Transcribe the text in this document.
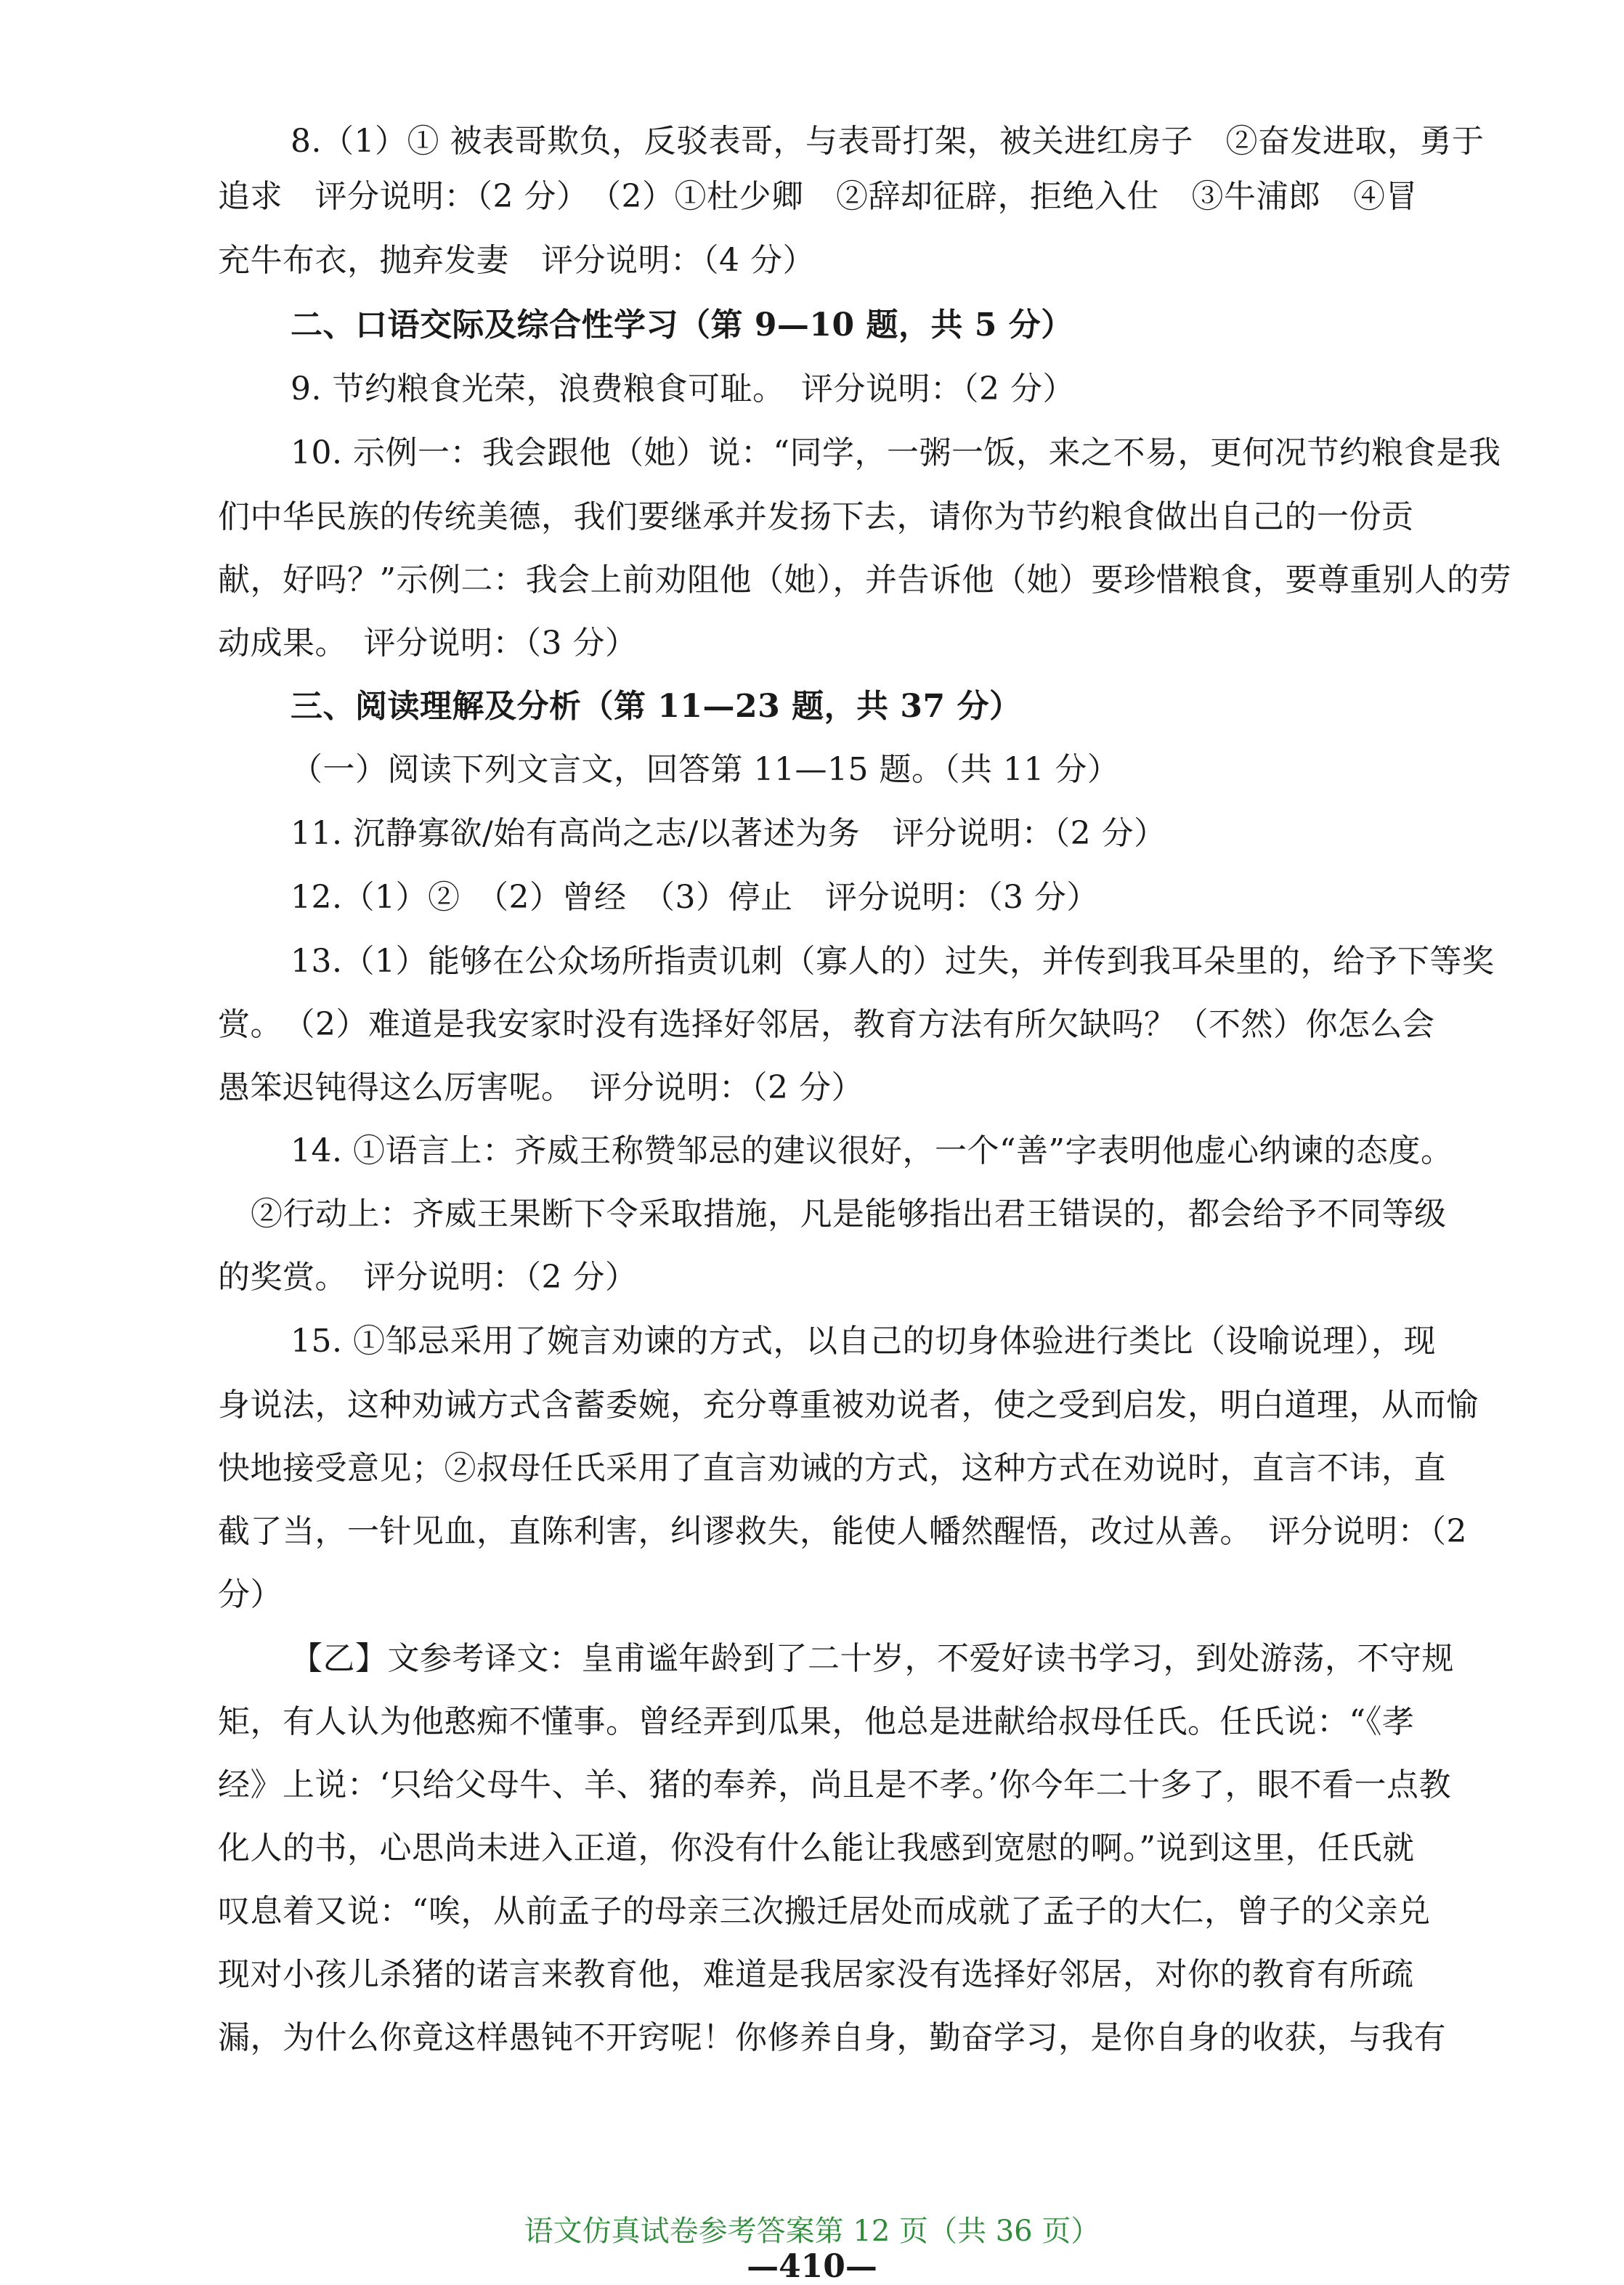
8.（1）① 被表哥欺负，反驳表哥，与表哥打架，被关进红房子　②奋发进取，勇于
追求　评分说明：（2 分）　（2）①杜少卿　②辞却征辟，拒绝入仕　③牛浦郎　④冒
充牛布衣，抛弃发妻　评分说明：（4 分）
二、口语交际及综合性学习（第 9—10 题，共 5 分）
9. 节约粮食光荣，浪费粮食可耻。　评分说明：（2 分）
10. 示例一：我会跟他（她）说：“同学，一粥一饭，来之不易，更何况节约粮食是我
们中华民族的传统美德，我们要继承并发扬下去，请你为节约粮食做出自己的一份贡
献，好吗？”示例二：我会上前劝阻他（她），并告诉他（她）要珍惜粮食，要尊重别人的劳
动成果。　评分说明：（3 分）
三、阅读理解及分析（第 11—23 题，共 37 分）
（一）阅读下列文言文，回答第 11—15 题。（共 11 分）
11. 沉静寡欲/始有高尚之志/以著述为务　评分说明：（2 分）
12.（1）②　（2）曾经　（3）停止　评分说明：（3 分）
13.（1）能够在公众场所指责讥刺（寡人的）过失，并传到我耳朵里的，给予下等奖
赏。　（2）难道是我安家时没有选择好邻居，教育方法有所欠缺吗？（不然）你怎么会
愚笨迟钝得这么厉害呢。　评分说明：（2 分）
14. ①语言上：齐威王称赞邹忌的建议很好，一个“善”字表明他虚心纳谏的态度。
②行动上：齐威王果断下令采取措施，凡是能够指出君王错误的，都会给予不同等级
的奖赏。　评分说明：（2 分）
15. ①邹忌采用了婉言劝谏的方式，以自己的切身体验进行类比（设喻说理），现
身说法，这种劝诫方式含蓄委婉，充分尊重被劝说者，使之受到启发，明白道理，从而愉
快地接受意见；②叔母任氏采用了直言劝诫的方式，这种方式在劝说时，直言不讳，直
截了当，一针见血，直陈利害，纠谬救失，能使人幡然醒悟，改过从善。　评分说明：（2
分）
【乙】文参考译文：皇甫谧年龄到了二十岁，不爱好读书学习，到处游荡，不守规
矩，有人认为他憨痴不懂事。曾经弄到瓜果，他总是进献给叔母任氏。任氏说：“《孝
经》上说：‘只给父母牛、羊、猪的奉养，尚且是不孝。’你今年二十多了，眼不看一点教
化人的书，心思尚未进入正道，你没有什么能让我感到宽慰的啊。”说到这里，任氏就
叹息着又说：“唉，从前孟子的母亲三次搬迁居处而成就了孟子的大仁，曾子的父亲兑
现对小孩儿杀猪的诺言来教育他，难道是我居家没有选择好邻居，对你的教育有所疏
漏，为什么你竟这样愚钝不开窍呢！你修养自身，勤奋学习，是你自身的收获，与我有
语文仿真试卷参考答案第 12 页（共 36 页）
—410—
